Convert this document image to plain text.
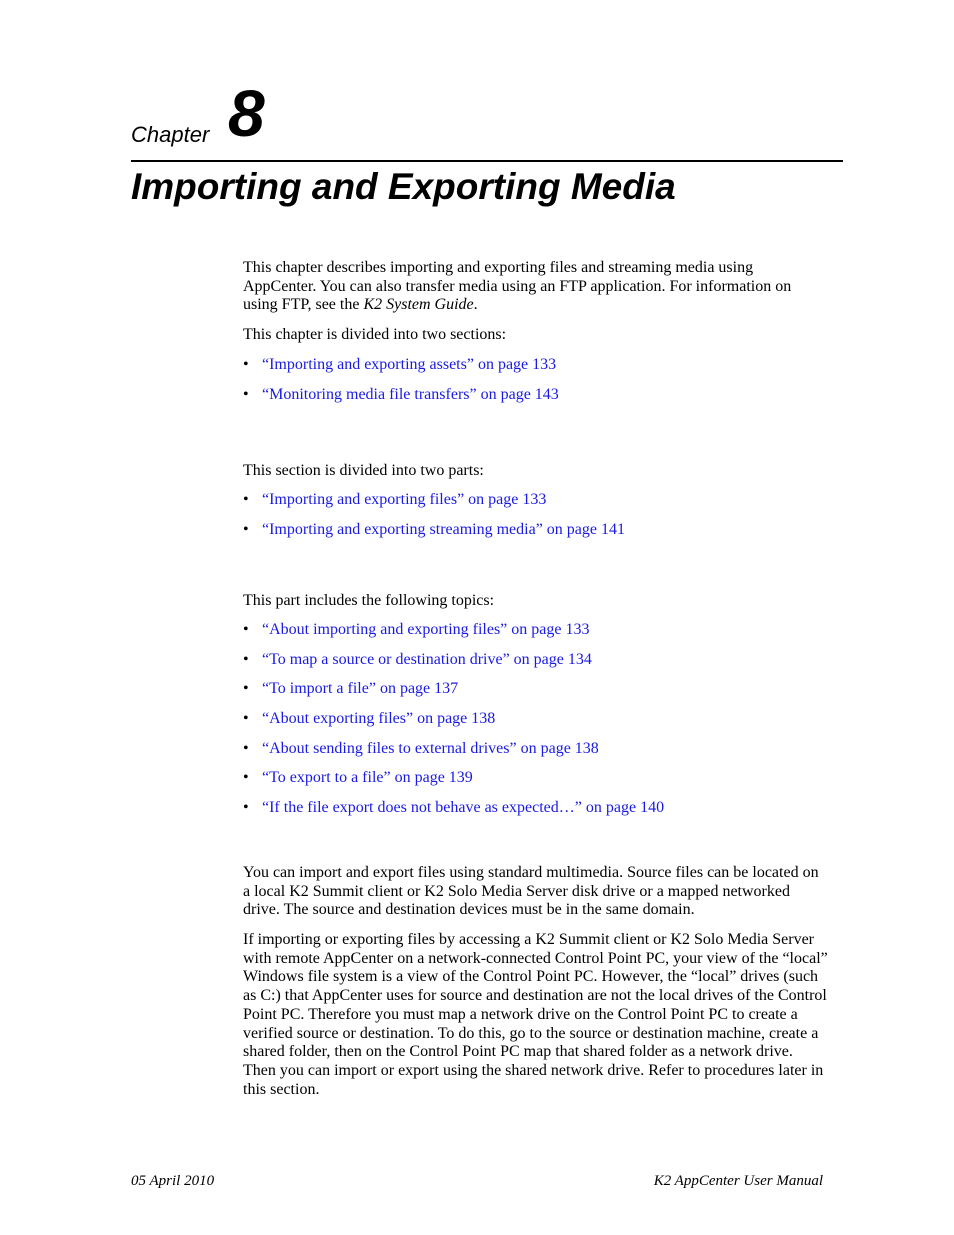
Chapter 8
Importing and Exporting Media

This chapter describes importing and exporting files and streaming media using AppCenter. You can also transfer media using an FTP application. For information on using FTP, see the K2 System Guide.

This chapter is divided into two sections:

• “Importing and exporting assets” on page 133
• “Monitoring media file transfers” on page 143

This section is divided into two parts:

• “Importing and exporting files” on page 133
• “Importing and exporting streaming media” on page 141

This part includes the following topics:

• “About importing and exporting files” on page 133
• “To map a source or destination drive” on page 134
• “To import a file” on page 137
• “About exporting files” on page 138
• “About sending files to external drives” on page 138
• “To export to a file” on page 139
• “If the file export does not behave as expected…” on page 140

You can import and export files using standard multimedia. Source files can be located on a local K2 Summit client or K2 Solo Media Server disk drive or a mapped networked drive. The source and destination devices must be in the same domain.

If importing or exporting files by accessing a K2 Summit client or K2 Solo Media Server with remote AppCenter on a network-connected Control Point PC, your view of the “local” Windows file system is a view of the Control Point PC. However, the “local” drives (such as C:) that AppCenter uses for source and destination are not the local drives of the Control Point PC. Therefore you must map a network drive on the Control Point PC to create a verified source or destination. To do this, go to the source or destination machine, create a shared folder, then on the Control Point PC map that shared folder as a network drive. Then you can import or export using the shared network drive. Refer to procedures later in this section.

05 April 2010	K2 AppCenter User Manual
